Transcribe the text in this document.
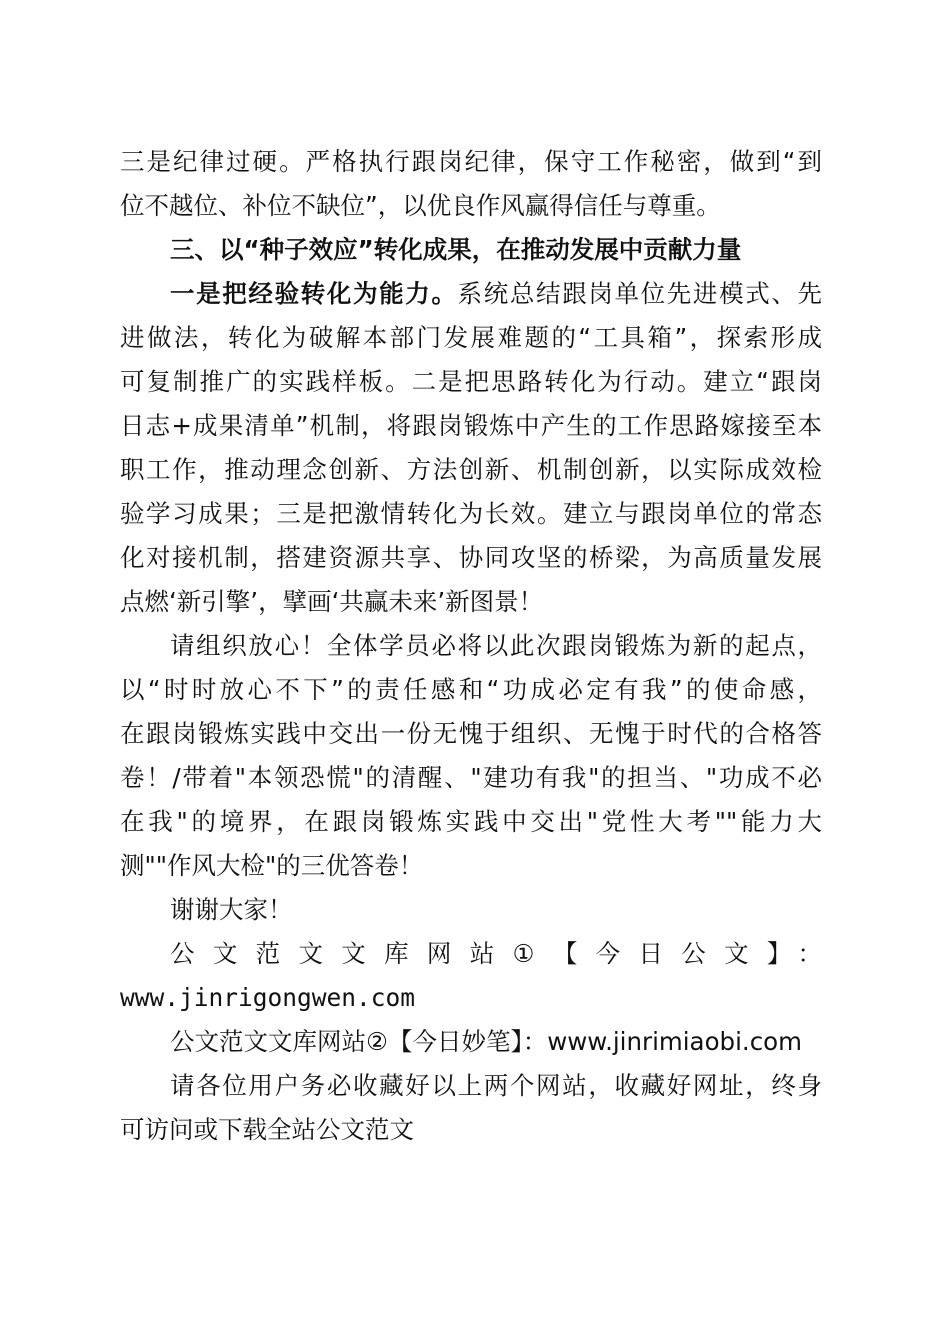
三是纪律过硬。严格执行跟岗纪律，保守工作秘密，做到“到
位不越位、补位不缺位”，以优良作风赢得信任与尊重。
三、以“种子效应”转化成果，在推动发展中贡献力量
一是把经验转化为能力。系统总结跟岗单位先进模式、先
进做法，转化为破解本部门发展难题的“工具箱”，探索形成
可复制推广的实践样板。二是把思路转化为行动。建立“跟岗
日志+成果清单”机制，将跟岗锻炼中产生的工作思路嫁接至本
职工作，推动理念创新、方法创新、机制创新，以实际成效检
验学习成果；三是把激情转化为长效。建立与跟岗单位的常态
化对接机制，搭建资源共享、协同攻坚的桥梁，为高质量发展
点燃‘新引擎’，擘画‘共赢未来’新图景！
请组织放心！全体学员必将以此次跟岗锻炼为新的起点，
以“时时放心不下”的责任感和“功成必定有我”的使命感，
在跟岗锻炼实践中交出一份无愧于组织、无愧于时代的合格答
卷！/带着"本领恐慌"的清醒、"建功有我"的担当、"功成不必
在我"的境界，在跟岗锻炼实践中交出"党性大考""能力大
测""作风大检"的三优答卷！
谢谢大家！
公文范文文库网站①【今日公文】：
www.jinrigongwen.com
公文范文文库网站②【今日妙笔】：www.jinrimiaobi.com
请各位用户务必收藏好以上两个网站，收藏好网址，终身
可访问或下载全站公文范文
